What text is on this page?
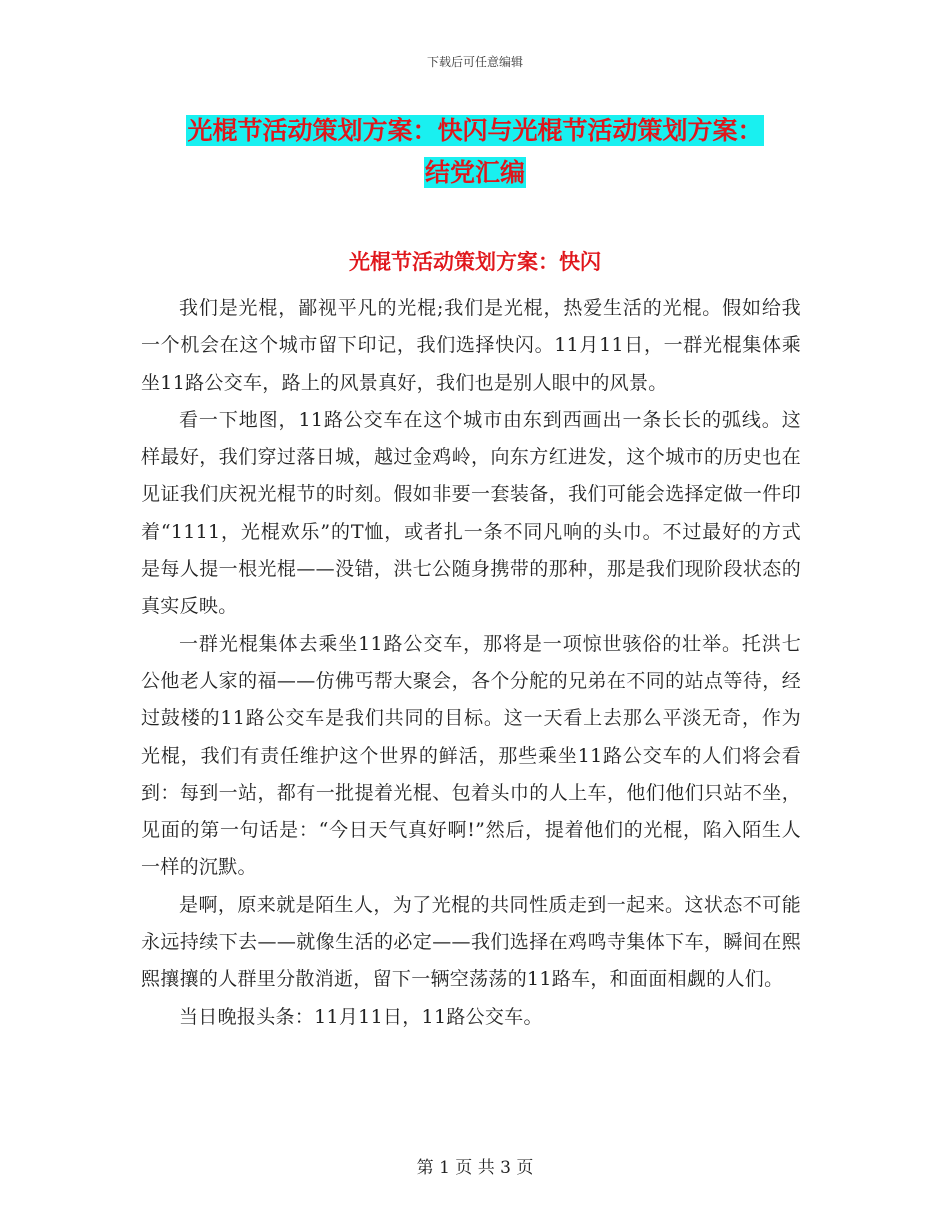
下载后可任意编辑
光棍节活动策划方案：快闪与光棍节活动策划方案：
结党汇编
光棍节活动策划方案：快闪

我们是光棍，鄙视平凡的光棍;我们是光棍，热爱生活的光棍。假如给我一个机会在这个城市留下印记，我们选择快闪。11月11日，一群光棍集体乘坐11路公交车，路上的风景真好，我们也是别人眼中的风景。

看一下地图，11路公交车在这个城市由东到西画出一条长长的弧线。这样最好，我们穿过落日城，越过金鸡岭，向东方红进发，这个城市的历史也在见证我们庆祝光棍节的时刻。假如非要一套装备，我们可能会选择定做一件印着“1111，光棍欢乐”的T恤，或者扎一条不同凡响的头巾。不过最好的方式是每人提一根光棍——没错，洪七公随身携带的那种，那是我们现阶段状态的真实反映。

一群光棍集体去乘坐11路公交车，那将是一项惊世骇俗的壮举。托洪七公他老人家的福——仿佛丐帮大聚会，各个分舵的兄弟在不同的站点等待，经过鼓楼的11路公交车是我们共同的目标。这一天看上去那么平淡无奇，作为光棍，我们有责任维护这个世界的鲜活，那些乘坐11路公交车的人们将会看到：每到一站，都有一批提着光棍、包着头巾的人上车，他们他们只站不坐，见面的第一句话是：“今日天气真好啊!”然后，提着他们的光棍，陷入陌生人一样的沉默。

是啊，原来就是陌生人，为了光棍的共同性质走到一起来。这状态不可能永远持续下去——就像生活的必定——我们选择在鸡鸣寺集体下车，瞬间在熙熙攘攘的人群里分散消逝，留下一辆空荡荡的11路车，和面面相觑的人们。

当日晚报头条：11月11日，11路公交车。

第 1 页 共 3 页
